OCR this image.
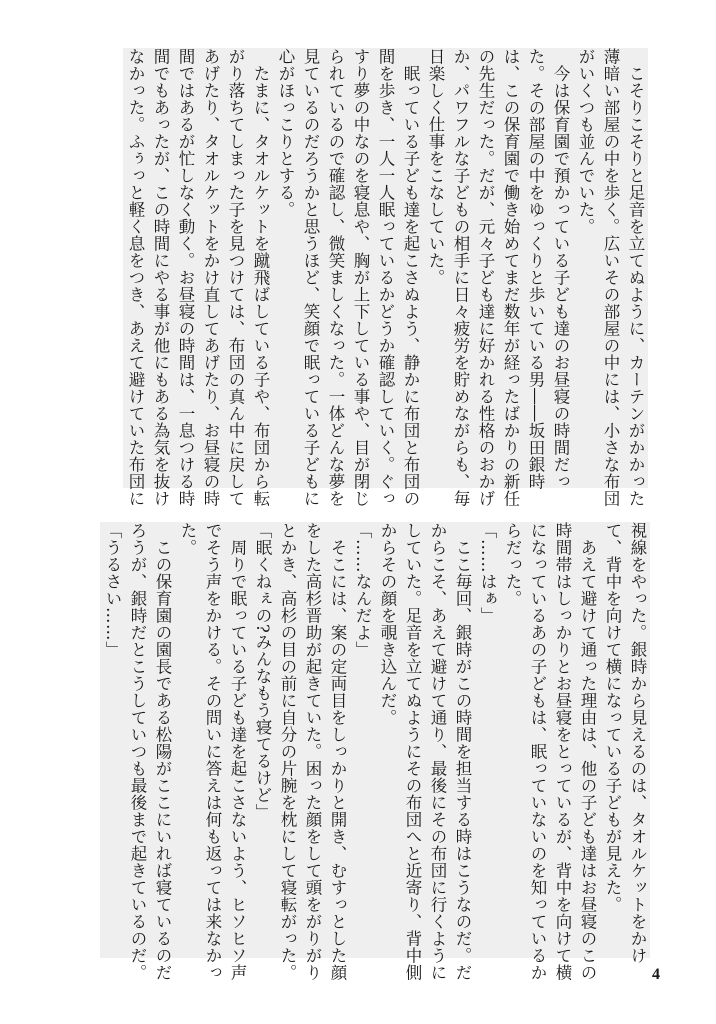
　こそりこそりと足音を立てぬように、カーテンがかかった

薄暗い部屋の中を歩く。広いその部屋の中には、小さな布団

がいくつも並んでいた。

　今は保育園で預かっている子ども達のお昼寝の時間だっ

た。その部屋の中をゆっくりと歩いている男――坂田銀時

は、この保育園で働き始めてまだ数年が経ったばかりの新任

の先生だった。だが、元々子ども達に好かれる性格のおかげ

か、パワフルな子どもの相手に日々疲労を貯めながらも、毎

日楽しく仕事をこなしていた。

　眠っている子ども達を起こさぬよう、静かに布団と布団の

間を歩き、一人一人眠っているかどうか確認していく。ぐっ

すり夢の中なのを寝息や、胸が上下している事や、目が閉じ

られているので確認し、微笑ましくなった。一体どんな夢を

見ているのだろうかと思うほど、笑顔で眠っている子どもに

心がほっこりとする。

　たまに、タオルケットを蹴飛ばしている子や、布団から転

がり落ちてしまった子を見つけては、布団の真ん中に戻して

あげたり、タオルケットをかけ直してあげたり、お昼寝の時

間ではあるが忙しなく動く。お昼寝の時間は、一息つける時

間でもあったが、この時間にやる事が他にもある為気を抜け

なかった。ふぅっと軽く息をつき、あえて避けていた布団に

視線をやった。銀時から見えるのは、タオルケットをかけ

て、背中を向けて横になっている子どもが見えた。

　あえて避けて通った理由は、他の子ども達はお昼寝のこの

時間帯はしっかりとお昼寝をとっているが、背中を向けて横

になっているあの子どもは、眠っていないのを知っているか

らだった。

「……はぁ」

　ここ毎回、銀時がこの時間を担当する時はこうなのだ。だ

からこそ、あえて避けて通り、最後にその布団に行くように

していた。足音を立てぬようにその布団へと近寄り、背中側

からその顔を覗き込んだ。

「……なんだよ」

　そこには、案の定両目をしっかりと開き、むすっとした顔

をした高杉晋助が起きていた。困った顔をして頭をがりがり

とかき、高杉の目の前に自分の片腕を枕にして寝転がった。

「眠くねぇの?みんなもう寝てるけど」

　周りで眠っている子ども達を起こさないよう、ヒソヒソ声

でそう声をかける。その問いに答えは何も返っては来なかっ

た。

　この保育園の園長である松陽がここにいれば寝ているのだ

ろうが、銀時だとこうしていつも最後まで起きているのだ。

「うるさい……」

4
